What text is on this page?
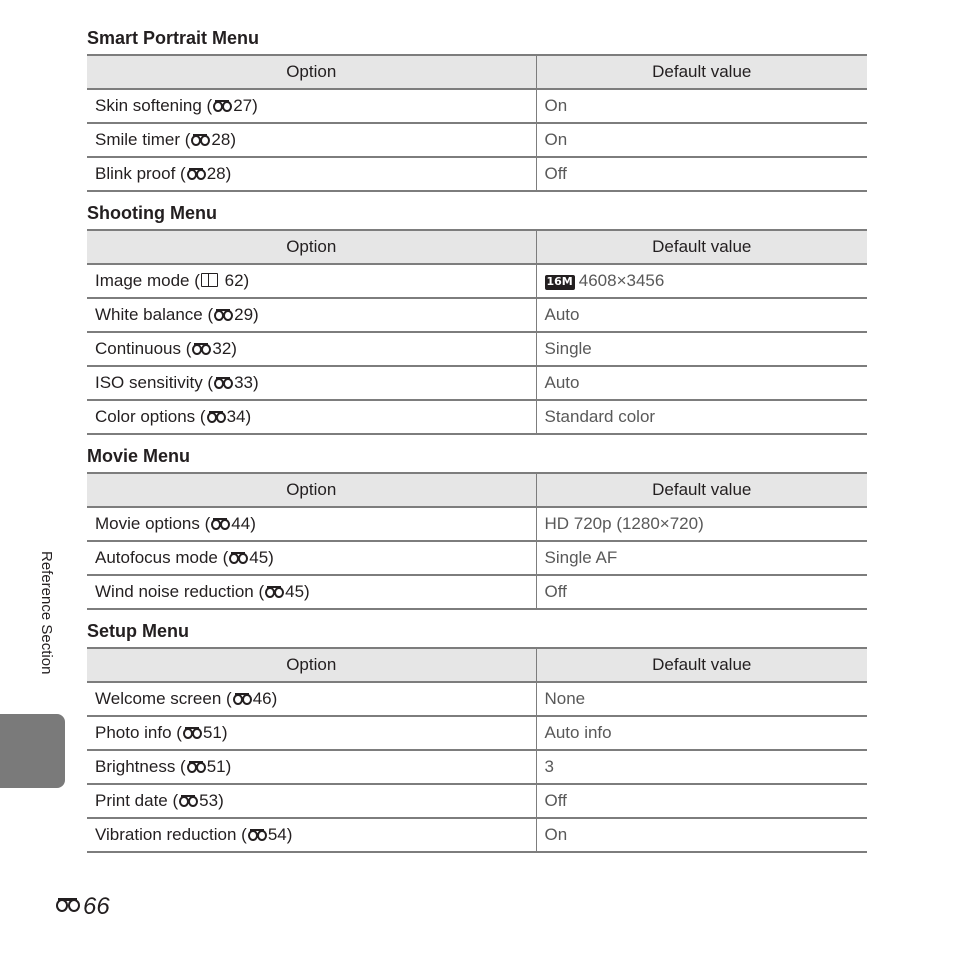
Smart Portrait Menu
Option	Default value
Skin softening ( 27)	On
Smile timer ( 28)	On
Blink proof ( 28)	Off
Shooting Menu
Option	Default value
Image mode ( 62)	16M 4608×3456
White balance ( 29)	Auto
Continuous ( 32)	Single
ISO sensitivity ( 33)	Auto
Color options ( 34)	Standard color
Movie Menu
Option	Default value
Movie options ( 44)	HD 720p (1280×720)
Autofocus mode ( 45)	Single AF
Wind noise reduction ( 45)	Off
Setup Menu
Option	Default value
Welcome screen ( 46)	None
Photo info ( 51)	Auto info
Brightness ( 51)	3
Print date ( 53)	Off
Vibration reduction ( 54)	On
Reference Section
66
